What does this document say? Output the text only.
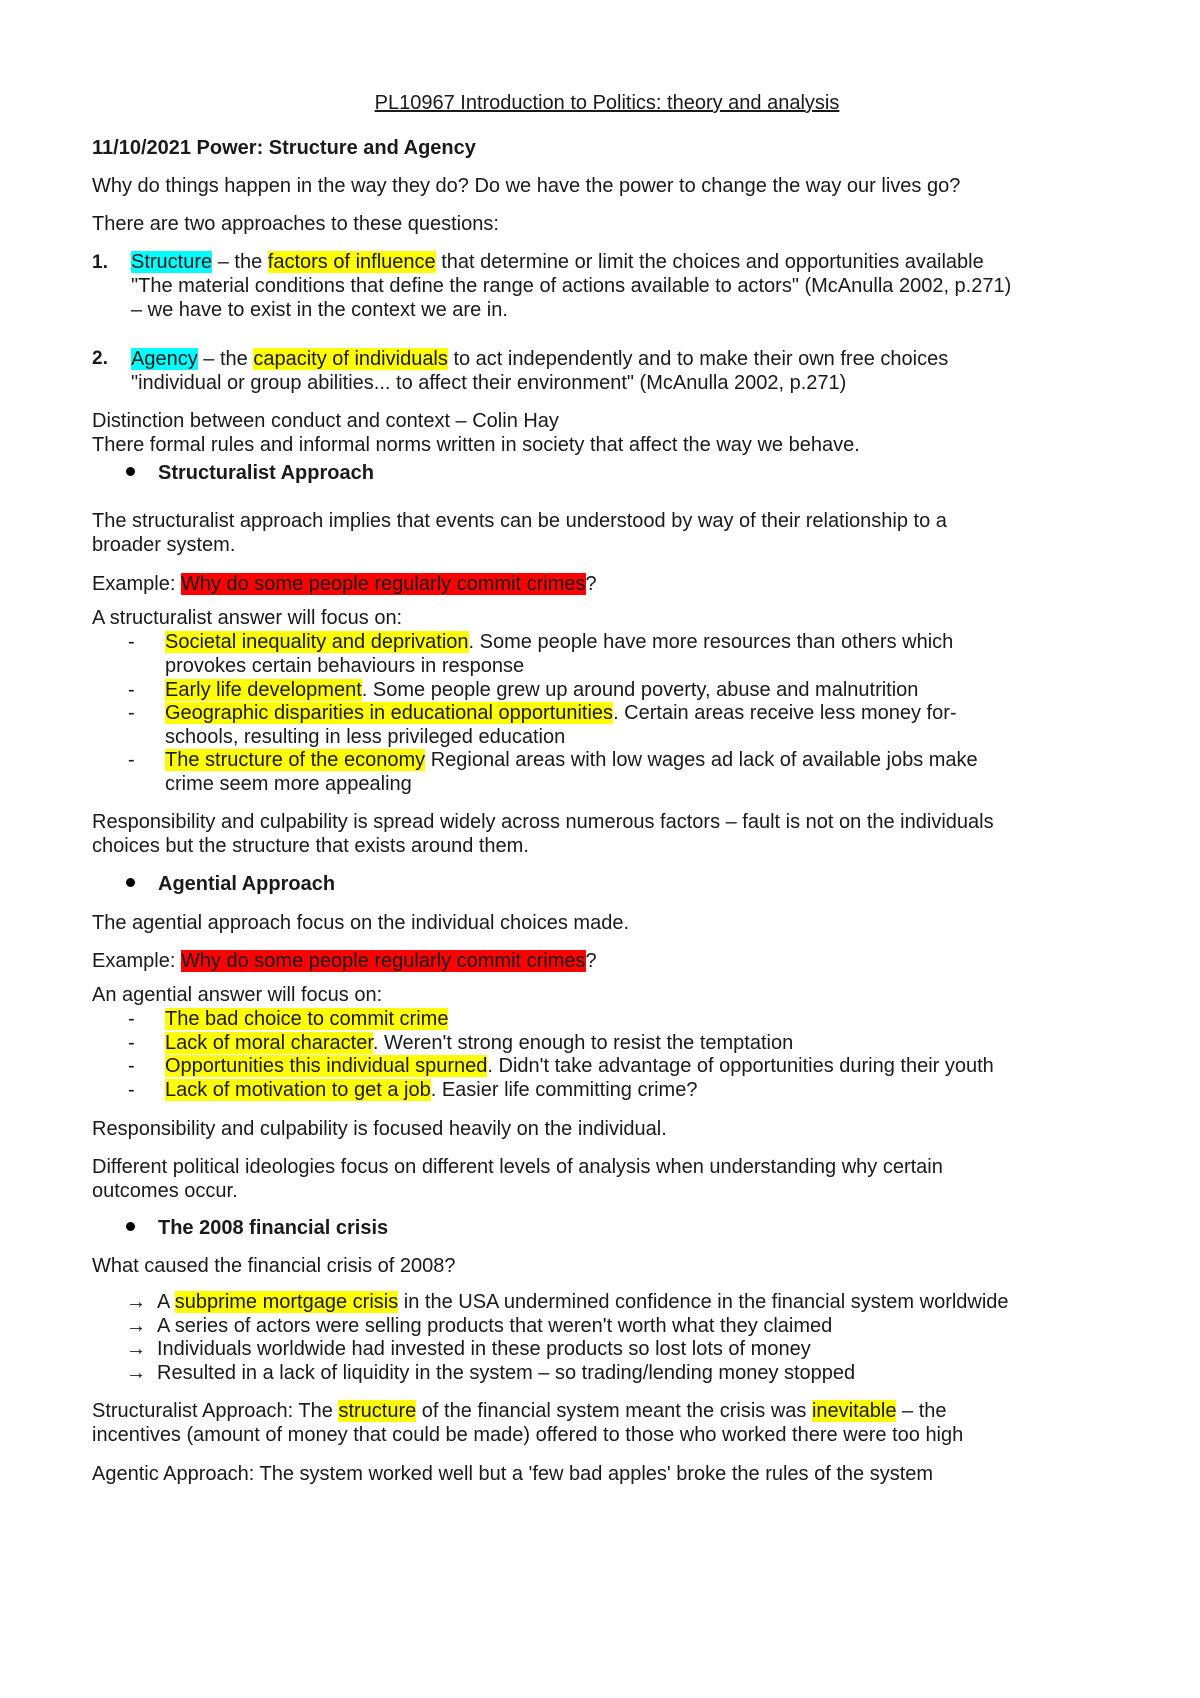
PL10967 Introduction to Politics: theory and analysis
11/10/2021 Power: Structure and Agency
Why do things happen in the way they do? Do we have the power to change the way our lives go?
There are two approaches to these questions:
1. Structure – the factors of influence that determine or limit the choices and opportunities available
"The material conditions that define the range of actions available to actors" (McAnulla 2002, p.271)
– we have to exist in the context we are in.
2. Agency – the capacity of individuals to act independently and to make their own free choices
"individual or group abilities... to affect their environment" (McAnulla 2002, p.271)
Distinction between conduct and context – Colin Hay
There formal rules and informal norms written in society that affect the way we behave.
Structuralist Approach
The structuralist approach implies that events can be understood by way of their relationship to a
broader system.
Example: Why do some people regularly commit crimes?
A structuralist answer will focus on:
- Societal inequality and deprivation. Some people have more resources than others which
provokes certain behaviours in response
- Early life development. Some people grew up around poverty, abuse and malnutrition
- Geographic disparities in educational opportunities. Certain areas receive less money for-
schools, resulting in less privileged education
- The structure of the economy Regional areas with low wages ad lack of available jobs make
crime seem more appealing
Responsibility and culpability is spread widely across numerous factors – fault is not on the individuals
choices but the structure that exists around them.
Agential Approach
The agential approach focus on the individual choices made.
Example: Why do some people regularly commit crimes?
An agential answer will focus on:
- The bad choice to commit crime
- Lack of moral character. Weren't strong enough to resist the temptation
- Opportunities this individual spurned. Didn't take advantage of opportunities during their youth
- Lack of motivation to get a job. Easier life committing crime?
Responsibility and culpability is focused heavily on the individual.
Different political ideologies focus on different levels of analysis when understanding why certain
outcomes occur.
The 2008 financial crisis
What caused the financial crisis of 2008?
→ A subprime mortgage crisis in the USA undermined confidence in the financial system worldwide
→ A series of actors were selling products that weren't worth what they claimed
→ Individuals worldwide had invested in these products so lost lots of money
→ Resulted in a lack of liquidity in the system – so trading/lending money stopped
Structuralist Approach: The structure of the financial system meant the crisis was inevitable – the
incentives (amount of money that could be made) offered to those who worked there were too high
Agentic Approach: The system worked well but a 'few bad apples' broke the rules of the system
